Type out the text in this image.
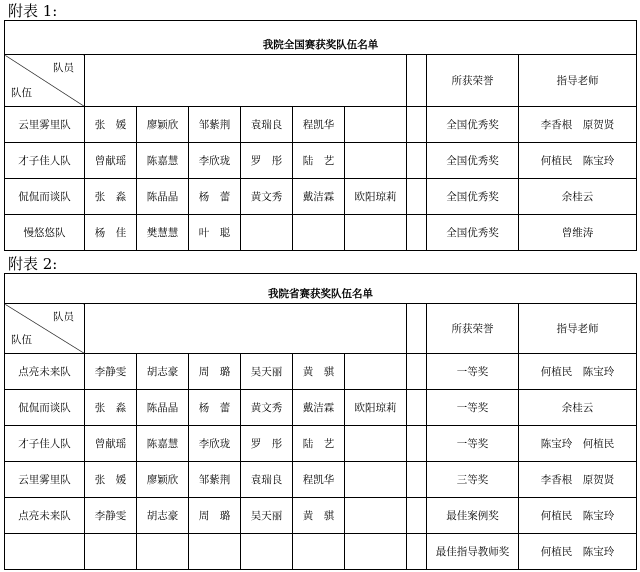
附表 1:
我院全国赛获奖队伍名单									

队员
队伍								所获荣誉	指导老师
云里雾里队	张　媛	廖颖欣	邹紫荆	袁瑞良	程凯华			全国优秀奖	李香根　原贺贤
才子佳人队	曾献瑶	陈嘉慧	李欣珑	罗　彤	陆　艺			全国优秀奖	何植民　陈宝玲
侃侃而谈队	张　淼	陈晶晶	杨　蕾	黄文秀	戴洁霖	欧阳琼莉		全国优秀奖	余桂云
慢悠悠队	杨　佳	樊慧慧	叶　聪					全国优秀奖	曾维涛
附表 2:
我院省赛获奖队伍名单									

队员
队伍								所获荣誉	指导老师
点亮未来队	李静雯	胡志豪	周　璐	吴天丽	黄　骐			一等奖	何植民　陈宝玲
侃侃而谈队	张　淼	陈晶晶	杨　蕾	黄文秀	戴洁霖	欧阳琼莉		一等奖	余桂云
才子佳人队	曾献瑶	陈嘉慧	李欣珑	罗　彤	陆　艺			一等奖	陈宝玲　何植民
云里雾里队	张　媛	廖颖欣	邹紫荆	袁瑞良	程凯华			三等奖	李香根　原贺贤
点亮未来队	李静雯	胡志豪	周　璐	吴天丽	黄　骐			最佳案例奖	何植民　陈宝玲
								最佳指导教师奖	何植民　陈宝玲
